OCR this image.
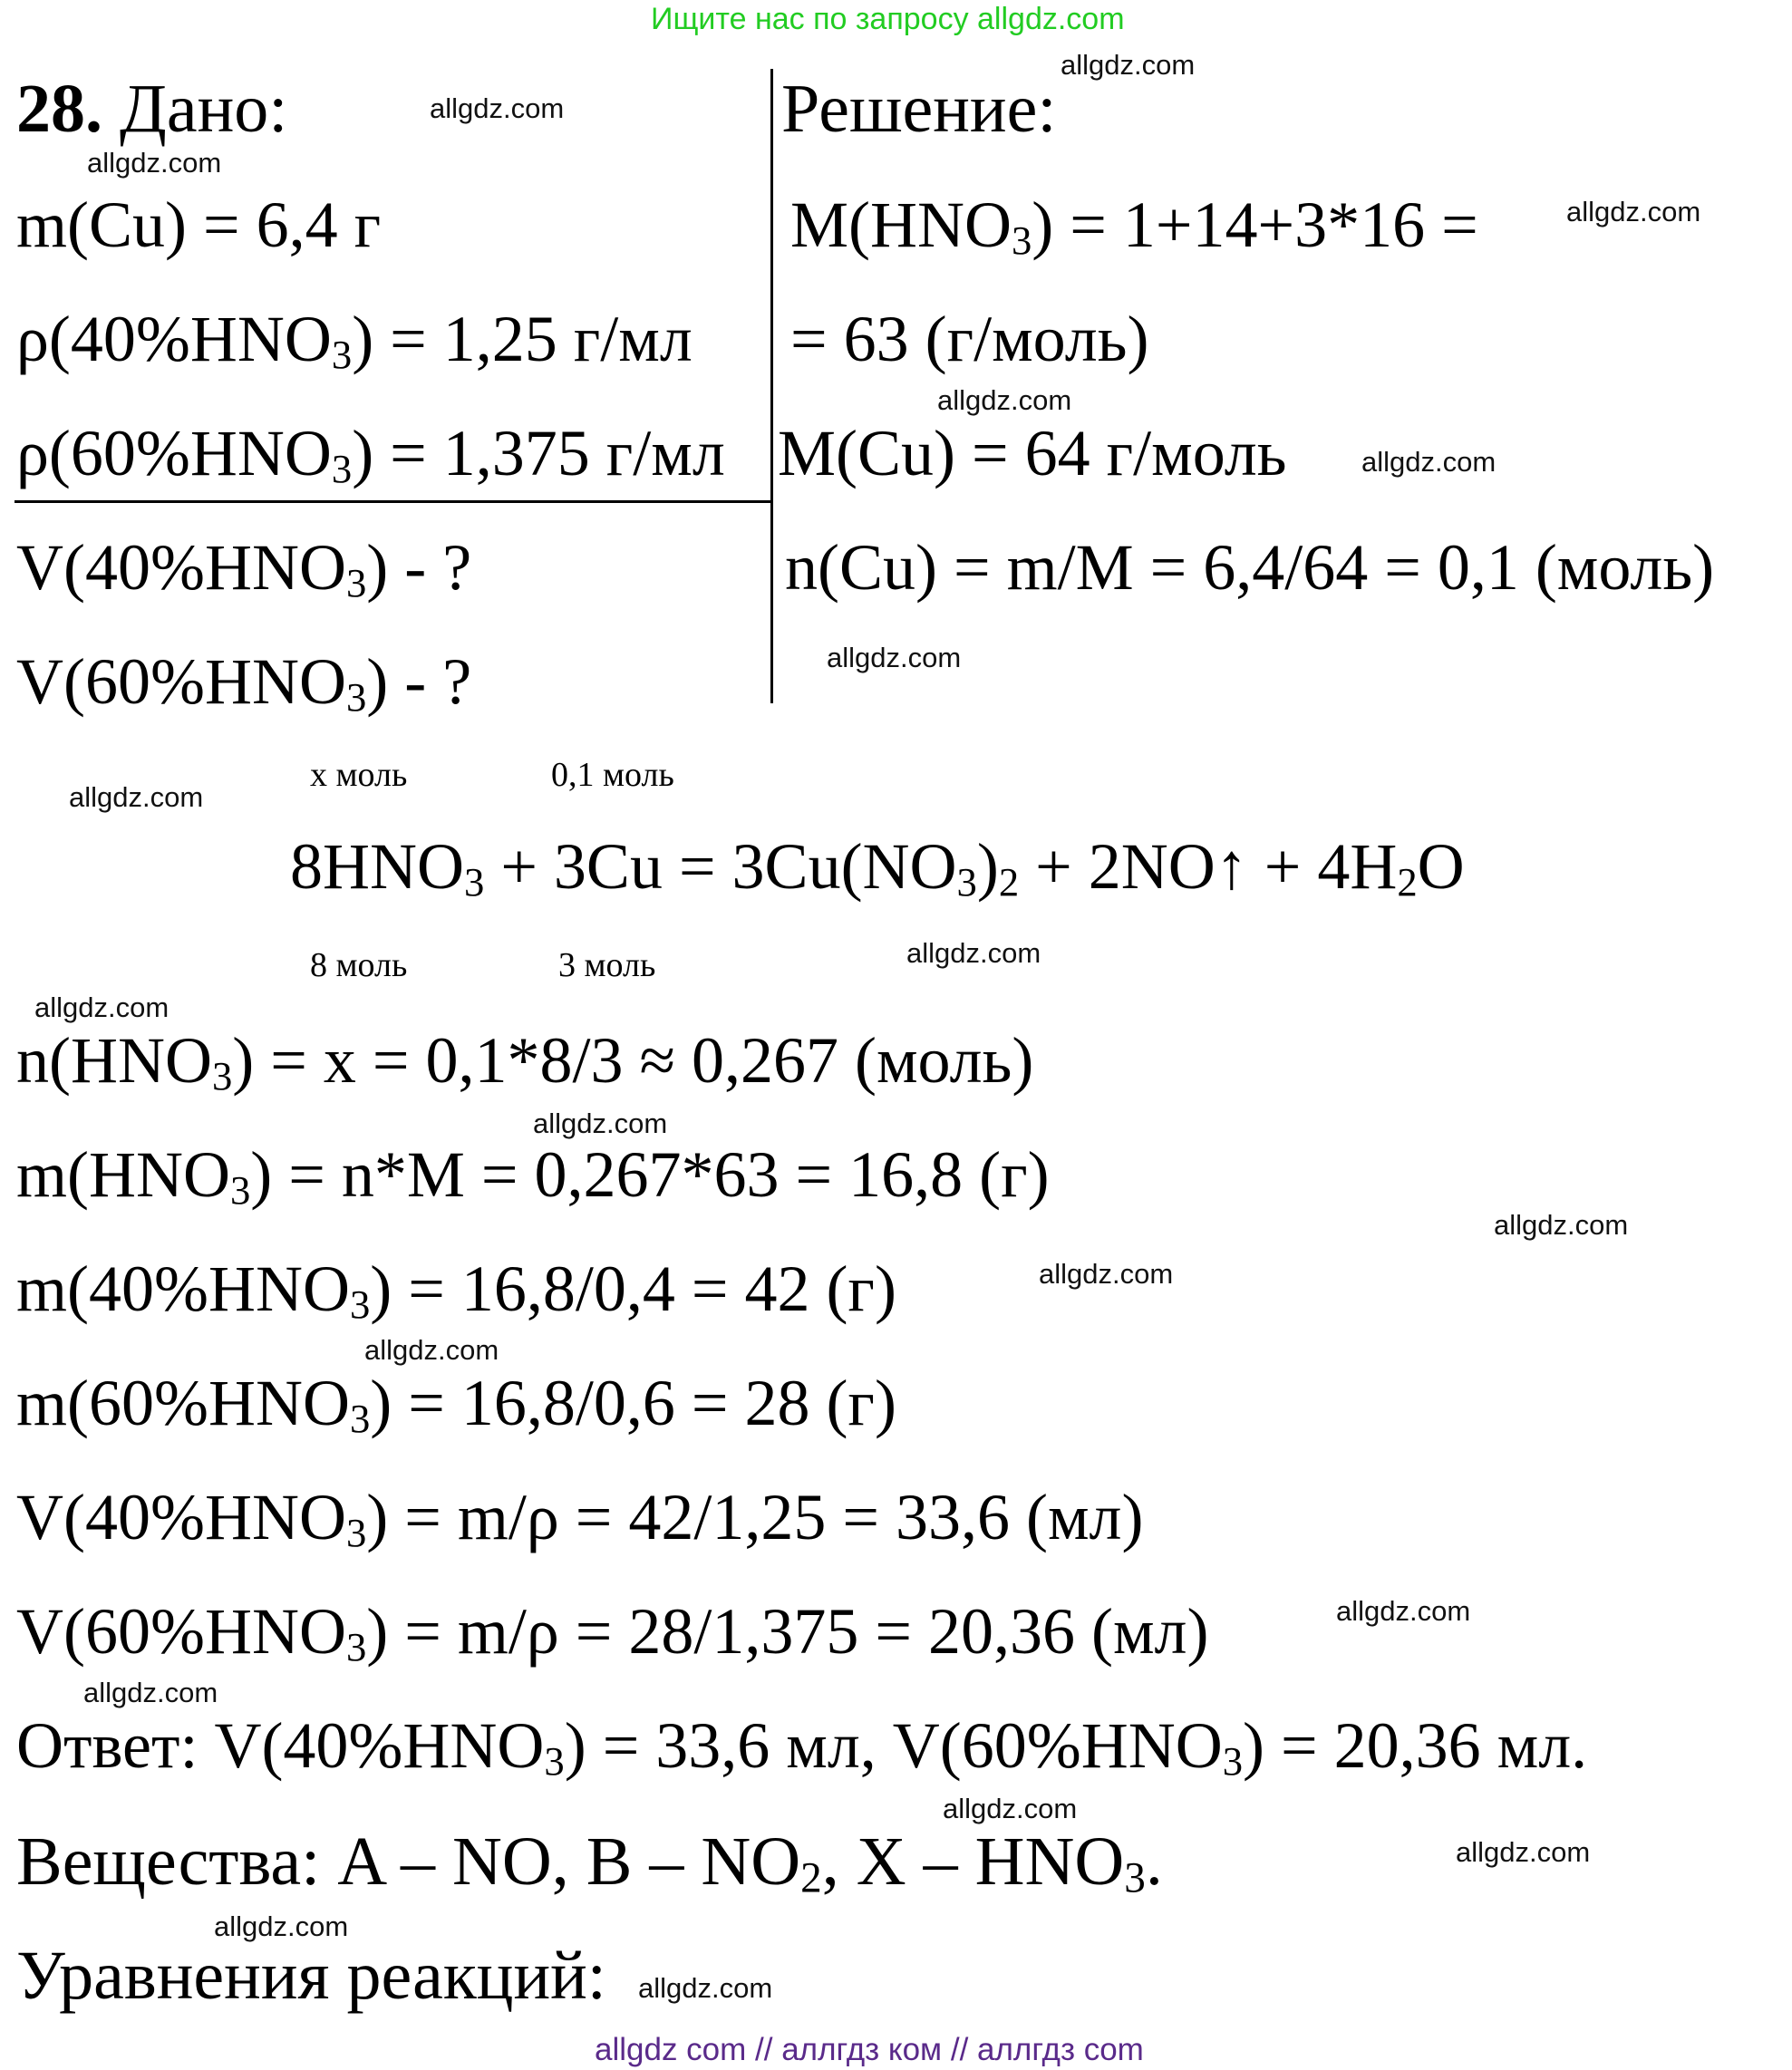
Ищите нас по запросу allgdz.com
28. Дано:	Решение:
m(Cu) = 6,4 г
$\rho(40\%HNO_3) = 1,25$ г/мл
$\rho(60\%HNO_3) = 1,375$ г/мл
$V(40\%HNO_3)$ - ?
$V(60\%HNO_3)$ - ?
$M(HNO_3) = 1+14+3*16$ =
= 63 (г/моль)
M(Cu) = 64 г/моль
n(Cu) = m/M = 6,4/64 = 0,1 (моль)
x моль	0,1 моль
$8HNO_3 + 3Cu = 3Cu(NO_3)_2$ + 2NO↑ + $4H_2O$
8 моль	3 моль
$n(HNO_3) = x = 0,1*8/3 \approx 0,267$ (моль)
$m(HNO_3) = n*M = 0,267*63 = 16,8$ (г)
$m(40\%HNO_3) = 16,8/0,4 = 42$ (г)
$m(60\%HNO_3) = 16,8/0,6 = 28$ (г)
$V(40\%HNO_3) = m/\rho = 42/1,25 = 33,6$ (мл)
$V(60\%HNO_3) = m/\rho = 28/1,375 = 20,36$ (мл)
Ответ: $V(40\%HNO_3) = 33,6$ мл, $V(60\%HNO_3) = 20,36$ мл.
Вещества: A – NO, B – $NO_2$, X – $HNO_3$.
Уравнения реакций:
allgdz.com
allgdz.com
allgdz.com
allgdz.com
allgdz.com
allgdz.com
allgdz.com
allgdz.com
allgdz.com
allgdz.com
allgdz.com
allgdz.com
allgdz.com
allgdz.com
allgdz.com
allgdz.com
allgdz.com
allgdz.com
allgdz.com
allgdz.com
allgdz com // аллгдз ком // аллгдз com
